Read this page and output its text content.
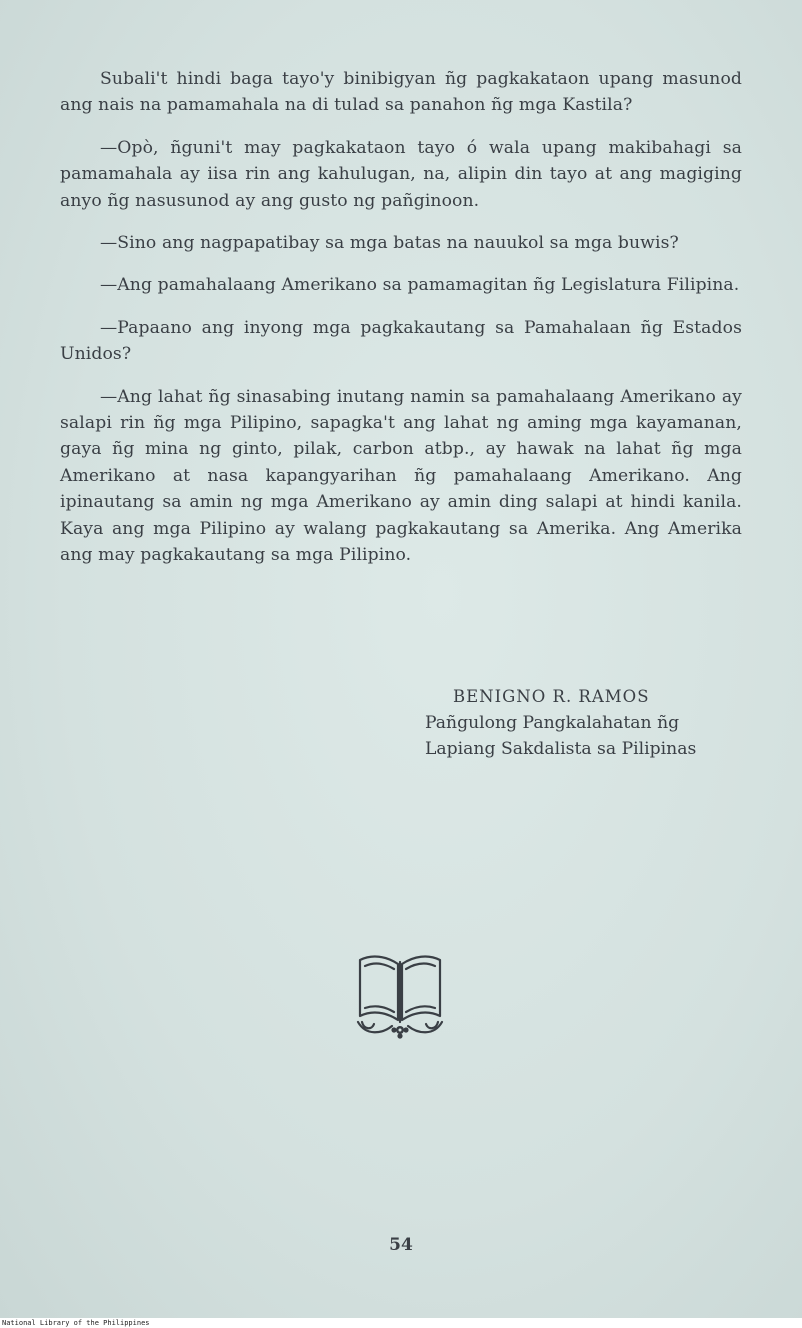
Subali't hindi baga tayo'y binibigyan ñg pagkakataon upang masunod ang nais na pamamahala na di tulad sa panahon ñg mga Kastila?

—Opò, ñguni't may pagkakataon tayo ó wala upang makibahagi sa pamamahala ay iisa rin ang kahulugan, na, alipin din tayo at ang magiging anyo ñg nasusunod ay ang gusto ng pañginoon.

—Sino ang nagpapatibay sa mga batas na nauukol sa mga buwis?

—Ang pamahalaang Amerikano sa pamamagitan ñg Legislatura Filipina.

—Papaano ang inyong mga pagkakautang sa Pamahalaan ñg Estados Unidos?

—Ang lahat ñg sinasabing inutang namin sa pamahalaang Amerikano ay salapi rin ñg mga Pilipino, sapagka't ang lahat ng aming mga kayamanan, gaya ñg mina ng ginto, pilak, carbon atbp., ay hawak na lahat ñg mga Amerikano at nasa kapangyarihan ñg pamahalaang Amerikano. Ang ipinautang sa amin ng mga Amerikano ay amin ding salapi at hindi kanila. Kaya ang mga Pilipino ay walang pagkakautang sa Amerika. Ang Amerika ang may pagkakautang sa mga Pilipino.

BENIGNO R. RAMOS
Pañgulong Pangkalahatan ñg
Lapiang Sakdalista sa Pilipinas
54
National Library of the Philippines
